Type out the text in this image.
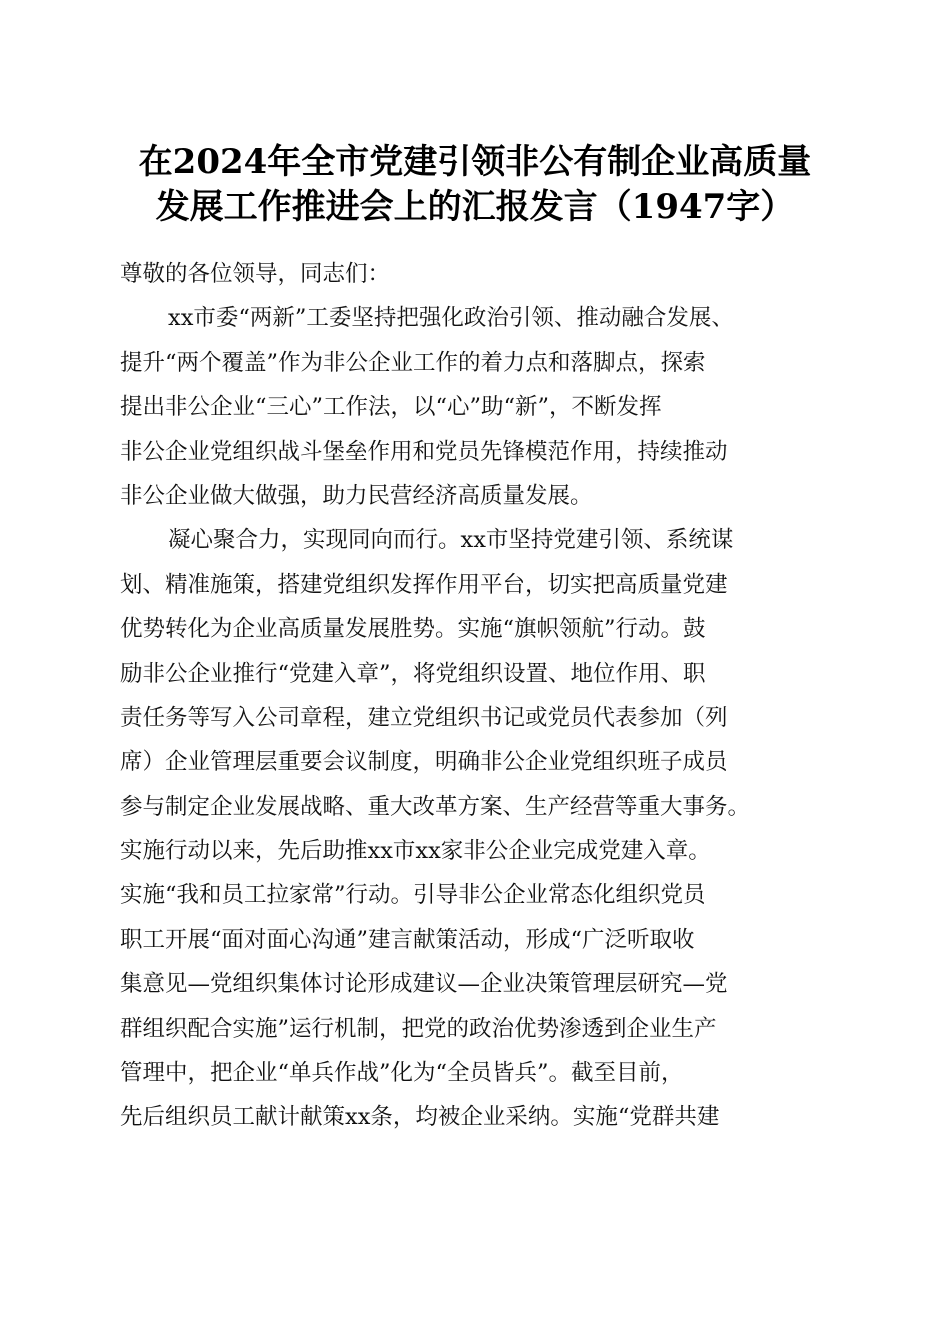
在2024年全市党建引领非公有制企业高质量
发展工作推进会上的汇报发言（1947字）
尊敬的各位领导，同志们：
xx市委“两新”工委坚持把强化政治引领、推动融合发展、
提升“两个覆盖”作为非公企业工作的着力点和落脚点，探索
提出非公企业“三心”工作法，以“心”助“新”，不断发挥
非公企业党组织战斗堡垒作用和党员先锋模范作用，持续推动
非公企业做大做强，助力民营经济高质量发展。
凝心聚合力，实现同向而行。xx市坚持党建引领、系统谋
划、精准施策，搭建党组织发挥作用平台，切实把高质量党建
优势转化为企业高质量发展胜势。实施“旗帜领航”行动。鼓
励非公企业推行“党建入章”，将党组织设置、地位作用、职
责任务等写入公司章程，建立党组织书记或党员代表参加（列
席）企业管理层重要会议制度，明确非公企业党组织班子成员
参与制定企业发展战略、重大改革方案、生产经营等重大事务。
实施行动以来，先后助推xx市xx家非公企业完成党建入章。
实施“我和员工拉家常”行动。引导非公企业常态化组织党员
职工开展“面对面心沟通”建言献策活动，形成“广泛听取收
集意见—党组织集体讨论形成建议—企业决策管理层研究—党
群组织配合实施”运行机制，把党的政治优势渗透到企业生产
管理中，把企业“单兵作战”化为“全员皆兵”。截至目前，
先后组织员工献计献策xx条，均被企业采纳。实施“党群共建
